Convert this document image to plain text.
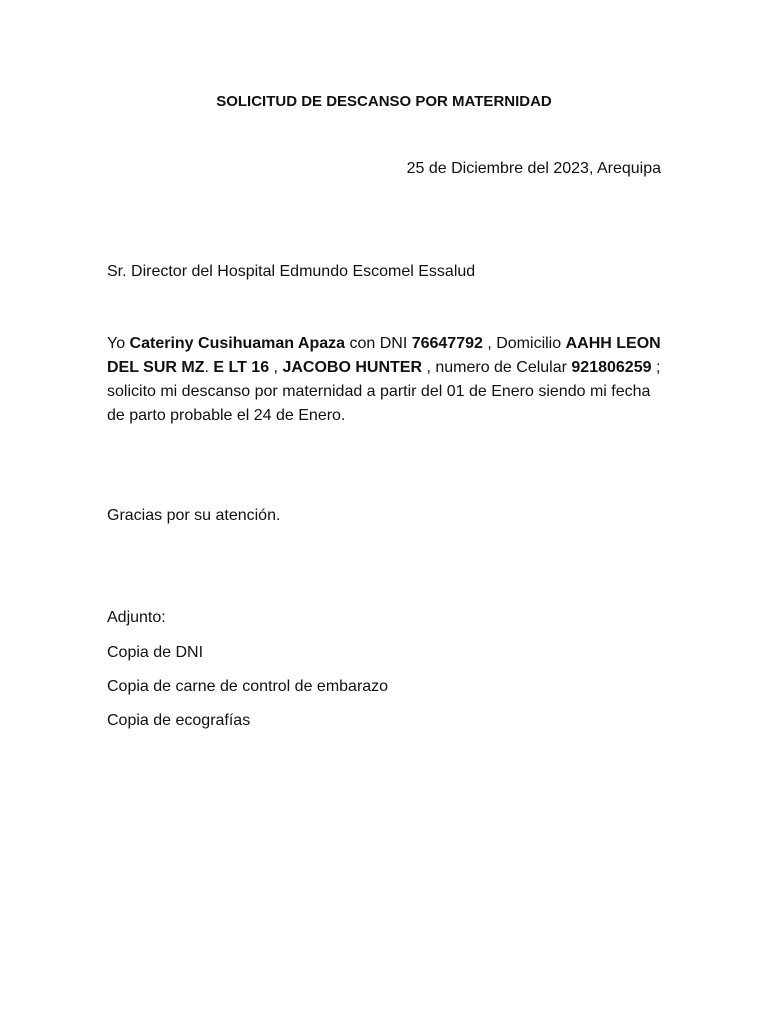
SOLICITUD DE DESCANSO POR MATERNIDAD
25 de Diciembre del 2023, Arequipa
Sr. Director del Hospital Edmundo Escomel Essalud
Yo Cateriny Cusihuaman Apaza con DNI 76647792 , Domicilio AAHH LEON DEL SUR MZ. E LT 16 , JACOBO HUNTER , numero de Celular 921806259 ; solicito mi descanso por maternidad a partir del 01 de Enero siendo mi fecha de parto probable el 24 de Enero.
Gracias por su atención.
Adjunto:
Copia de DNI
Copia de carne de control de embarazo
Copia de ecografías
